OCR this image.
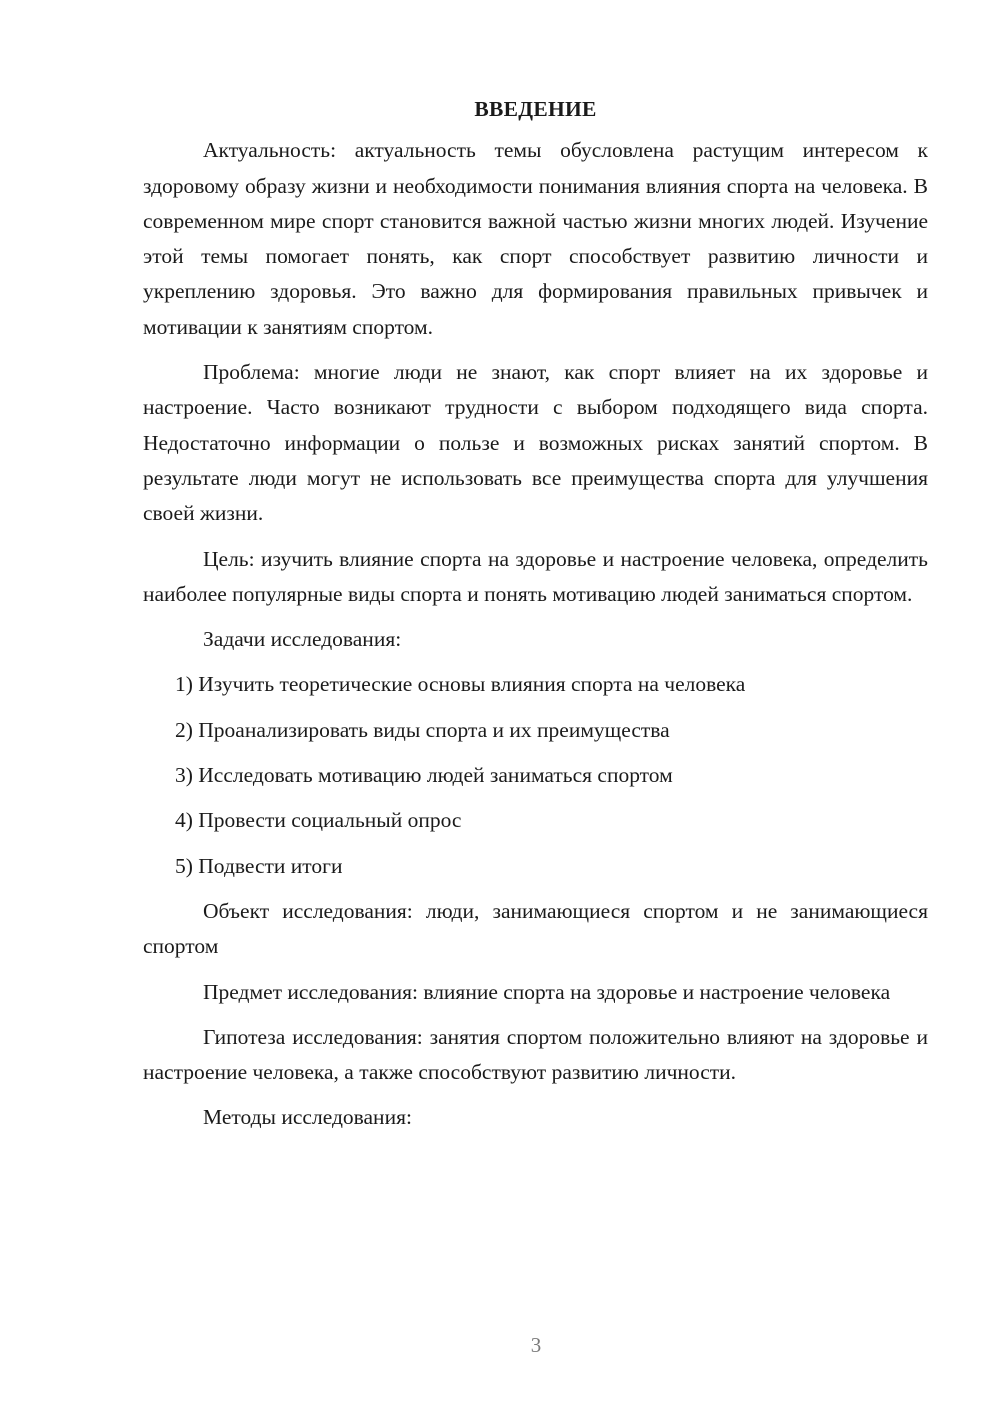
ВВЕДЕНИЕ

Актуальность: актуальность темы обусловлена растущим интересом к здоровому образу жизни и необходимости понимания влияния спорта на человека. В современном мире спорт становится важной частью жизни многих людей. Изучение этой темы помогает понять, как спорт способствует развитию личности и укреплению здоровья. Это важно для формирования правильных привычек и мотивации к занятиям спортом.

Проблема: многие люди не знают, как спорт влияет на их здоровье и настроение. Часто возникают трудности с выбором подходящего вида спорта. Недостаточно информации о пользе и возможных рисках занятий спортом. В результате люди могут не использовать все преимущества спорта для улучшения своей жизни.

Цель: изучить влияние спорта на здоровье и настроение человека, определить наиболее популярные виды спорта и понять мотивацию людей заниматься спортом.

Задачи исследования:

1) Изучить теоретические основы влияния спорта на человека
2) Проанализировать виды спорта и их преимущества
3) Исследовать мотивацию людей заниматься спортом
4) Провести социальный опрос
5) Подвести итоги

Объект исследования: люди, занимающиеся спортом и не занимающиеся спортом

Предмет исследования: влияние спорта на здоровье и настроение человека

Гипотеза исследования: занятия спортом положительно влияют на здоровье и настроение человека, а также способствуют развитию личности.

Методы исследования:

3
